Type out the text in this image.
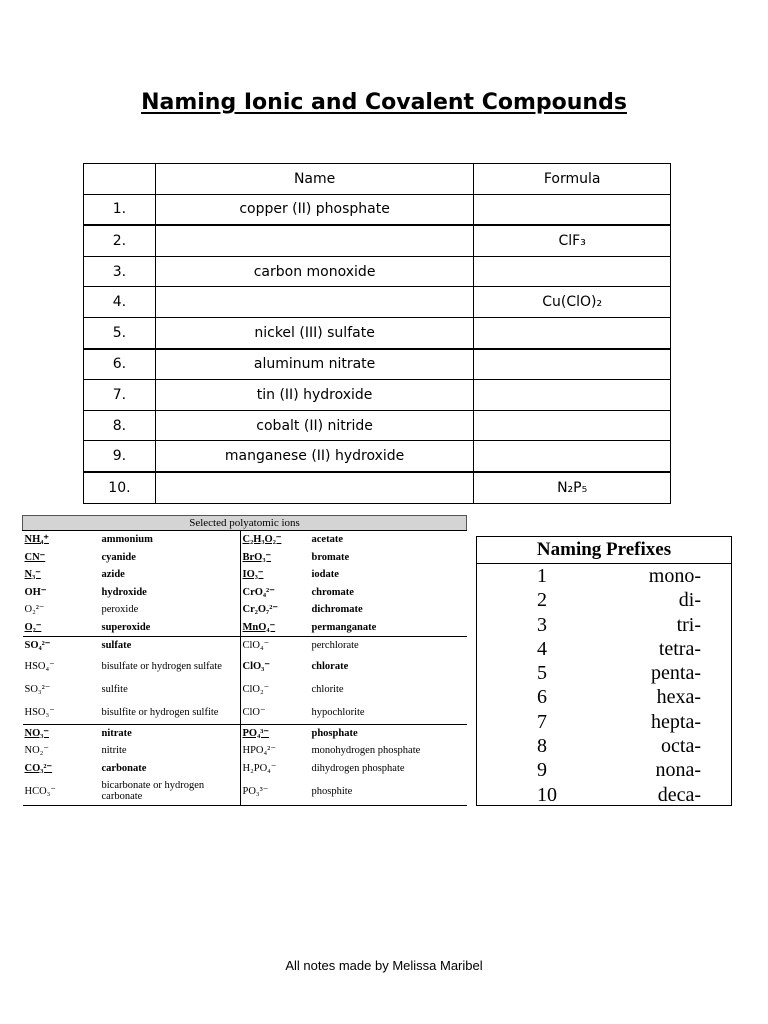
Naming Ionic and Covalent Compounds
	Name	Formula
1.	copper (II) phosphate	
2.		ClF₃
3.	carbon monoxide	
4.		Cu(ClO)₂
5.	nickel (III) sulfate	
6.	aluminum nitrate	
7.	tin (II) hydroxide	
8.	cobalt (II) nitride	
9.	manganese (II) hydroxide	
10.		N₂P₅
Selected polyatomic ions			
NH₄⁺	ammonium	C₂H₃O₂⁻	acetate
CN⁻	cyanide	BrO₃⁻	bromate
N₃⁻	azide	IO₃⁻	iodate
OH⁻	hydroxide	CrO₄²⁻	chromate
O₂²⁻	peroxide	Cr₂O₇²⁻	dichromate
O₂⁻	superoxide	MnO₄⁻	permanganate
SO₄²⁻	sulfate	ClO₄⁻	perchlorate
HSO₄⁻	bisulfate or hydrogen sulfate	ClO₃⁻	chlorate
SO₃²⁻	sulfite	ClO₂⁻	chlorite
HSO₃⁻	bisulfite or hydrogen sulfite	ClO⁻	hypochlorite
NO₃⁻	nitrate	PO₄³⁻	phosphate
NO₂⁻	nitrite	HPO₄²⁻	monohydrogen phosphate
CO₃²⁻	carbonate	H₂PO₄⁻	dihydrogen phosphate
HCO₃⁻	bicarbonate or hydrogen carbonate	PO₃³⁻	phosphite
Naming Prefixes
1	mono-
2	di-
3	tri-
4	tetra-
5	penta-
6	hexa-
7	hepta-
8	octa-
9	nona-
10	deca-
All notes made by Melissa Maribel
